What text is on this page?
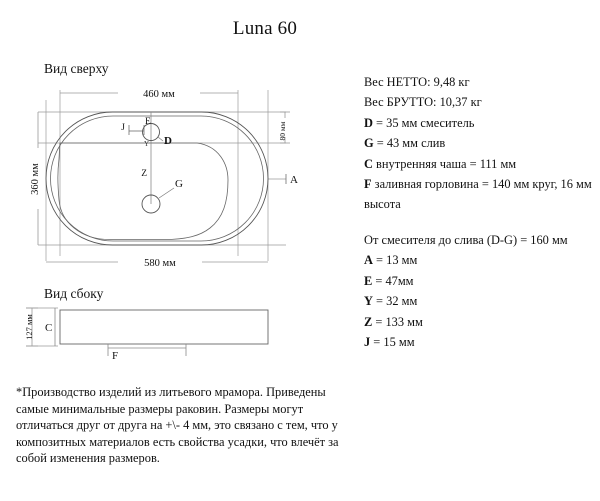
Luna 60
Вид сверху
460 мм
580 мм
360 мм
80 мм
J
E
D
Y
Z
G	A
Вид сбоку
127 мм C
F
Вес НЕТТО: 9,48 кг
Вес БРУТТО: 10,37 кг
D = 35 мм смеситель
G = 43 мм слив
C внутренняя чаша = 111 мм
F заливная горловина = 140 мм круг, 16 мм высота
От смесителя до слива (D-G) = 160 мм
A = 13 мм
E = 47мм
Y = 32 мм
Z = 133 мм
J = 15 мм
*Производство изделий из литьевого мрамора. Приведены самые минимальные размеры раковин. Размеры могут отличаться друг от друга на +\- 4 мм, это связано с тем, что у композитных материалов есть свойства усадки, что влечёт за собой изменения размеров.
